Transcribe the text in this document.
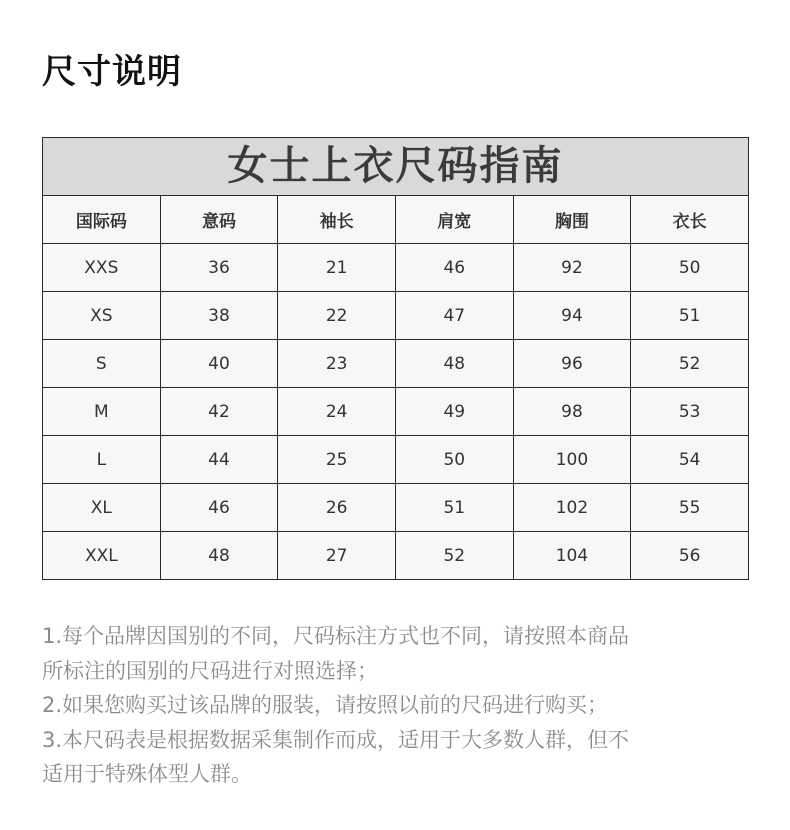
尺寸说明
女士上衣尺码指南					
国际码	意码	袖长	肩宽	胸围	衣长
XXS	36	21	46	92	50
XS	38	22	47	94	51
S	40	23	48	96	52
M	42	24	49	98	53
L	44	25	50	100	54
XL	46	26	51	102	55
XXL	48	27	52	104	56
1.每个品牌因国别的不同，尺码标注方式也不同，请按照本商品
所标注的国别的尺码进行对照选择；
2.如果您购买过该品牌的服装，请按照以前的尺码进行购买；
3.本尺码表是根据数据采集制作而成，适用于大多数人群，但不
适用于特殊体型人群。
